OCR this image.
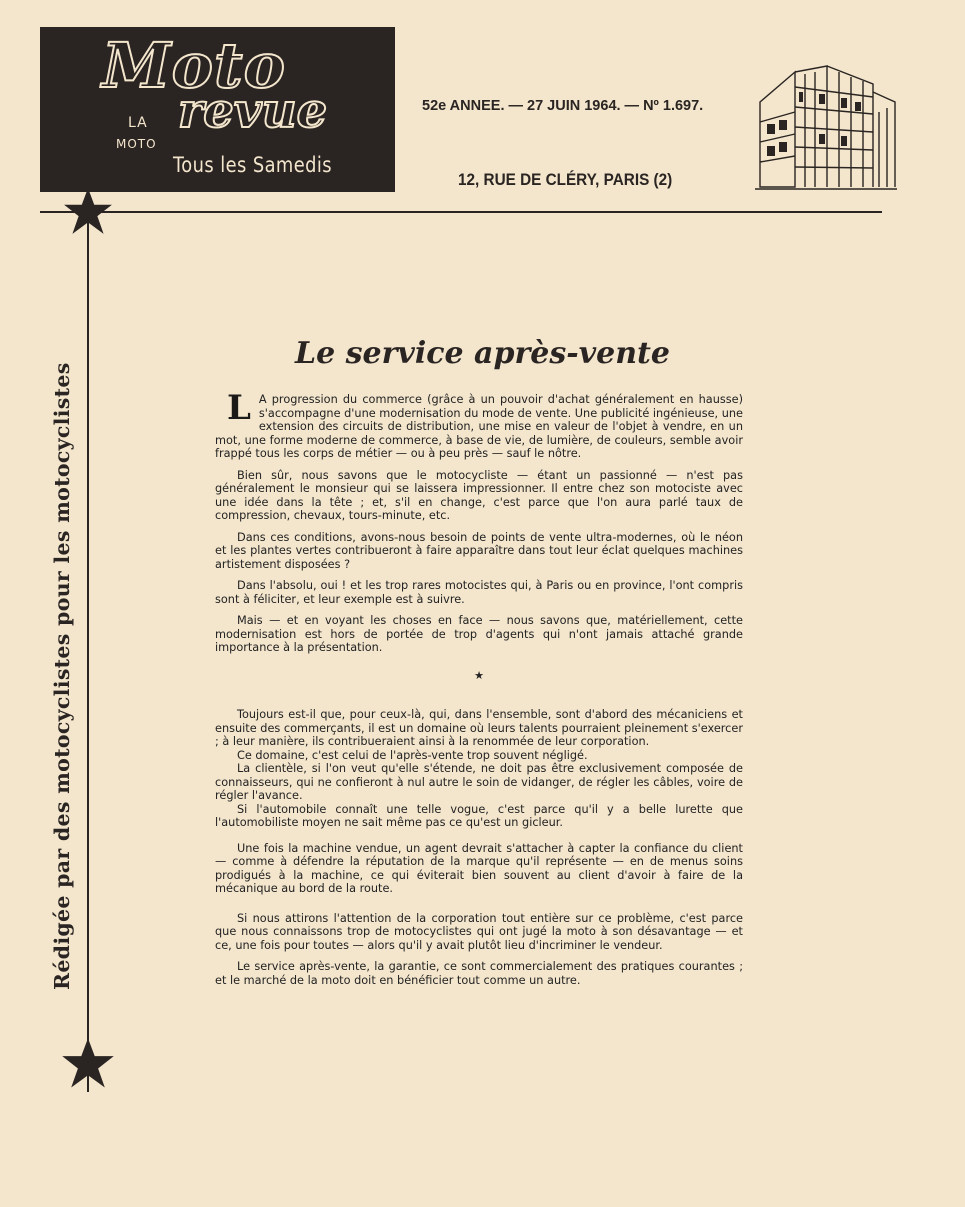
Moto
revue
LA
MOTO
Tous les Samedis
52e ANNEE. — 27 JUIN 1964. — Nº 1.697.
12, RUE DE CLÉRY, PARIS (2)
Rédigée par des motocyclistes pour les motocyclistes
Le service après-vente

L A progression du commerce (grâce à un pouvoir d'achat généralement en hausse) s'accompagne d'une modernisation du mode de vente. Une publicité ingénieuse, une extension des circuits de distribution, une mise en valeur de l'objet à vendre, en un mot, une forme moderne de commerce, à base de vie, de lumière, de couleurs, semble avoir frappé tous les corps de métier — ou à peu près — sauf le nôtre.

Bien sûr, nous savons que le motocycliste — étant un passionné — n'est pas généralement le monsieur qui se laissera impressionner. Il entre chez son motociste avec une idée dans la tête ; et, s'il en change, c'est parce que l'on aura parlé taux de compression, chevaux, tours-minute, etc.

Dans ces conditions, avons-nous besoin de points de vente ultra-modernes, où le néon et les plantes vertes contribueront à faire apparaître dans tout leur éclat quelques machines artistement disposées ?

Dans l'absolu, oui ! et les trop rares motocistes qui, à Paris ou en province, l'ont compris sont à féliciter, et leur exemple est à suivre.

Mais — et en voyant les choses en face — nous savons que, matériellement, cette modernisation est hors de portée de trop d'agents qui n'ont jamais attaché grande importance à la présentation.

★

Toujours est-il que, pour ceux-là, qui, dans l'ensemble, sont d'abord des mécaniciens et ensuite des commerçants, il est un domaine où leurs talents pourraient pleinement s'exercer ; à leur manière, ils contribueraient ainsi à la renommée de leur corporation.

Ce domaine, c'est celui de l'après-vente trop souvent négligé.

La clientèle, si l'on veut qu'elle s'étende, ne doit pas être exclusivement composée de connaisseurs, qui ne confieront à nul autre le soin de vidanger, de régler les câbles, voire de régler l'avance.

Si l'automobile connaît une telle vogue, c'est parce qu'il y a belle lurette que l'automobiliste moyen ne sait même pas ce qu'est un gicleur.

Une fois la machine vendue, un agent devrait s'attacher à capter la confiance du client — comme à défendre la réputation de la marque qu'il représente — en de menus soins prodigués à la machine, ce qui éviterait bien souvent au client d'avoir à faire de la mécanique au bord de la route.

Si nous attirons l'attention de la corporation tout entière sur ce problème, c'est parce que nous connaissons trop de motocyclistes qui ont jugé la moto à son désavantage — et ce, une fois pour toutes — alors qu'il y avait plutôt lieu d'incriminer le vendeur.

Le service après-vente, la garantie, ce sont commercialement des pratiques courantes ; et le marché de la moto doit en bénéficier tout comme un autre.
